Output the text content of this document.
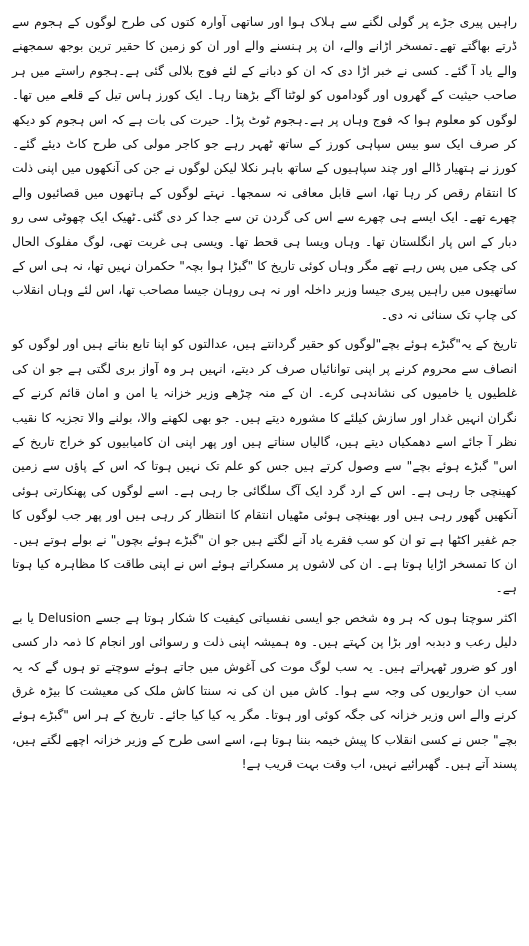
راہیں پیری جڑے پر گولی لگنے سے ہلاک ہوا اور ساتھی آوارہ کتوں کی طرح لوگوں کے ہجوم سے ڈرتے بھاگتے تھے۔تمسخر اڑانے والے، ان پر ہنسنے والے اور ان کو زمین کا حقیر ترین بوجھ سمجھنے والے یاد آ گئے۔ کسی نے خبر اڑا دی کہ ان کو دبانے کے لئے فوج بلالی گئی ہے۔ہجوم راستے میں ہر صاحب حیثیت کے گھروں اور گوداموں کو لوٹتا آگے بڑھتا رہا۔ ایک کورز ہاس تیل کے قلعے میں تھا۔لوگوں کو معلوم ہوا کہ فوج وہاں پر ہے۔ہجوم ٹوٹ پڑا۔ حیرت کی بات ہے کہ اس ہجوم کو دیکھ کر صرف ایک سو بیس سپاہی کورز کے ساتھ ٹھہر رہے جو کاجر مولی کی طرح کاٹ دیئے گئے۔ کورز نے ہتھیار ڈالے اور چند سپاہیوں کے ساتھ باہر نکلا لیکن لوگوں نے جن کی آنکھوں میں اپنی ذلت کا انتقام رقص کر رہا تھا، اسے قابل معافی نہ سمجھا۔ نہتے لوگوں کے ہاتھوں میں قصائیوں والے چھرے تھے۔ ایک ایسے ہی چھرے سے اس کی گردن تن سے جدا کر دی گئی۔ٹھیک ایک چھوٹی سی رو دبار کے اس پار انگلستان تھا۔ وہاں ویسا ہی قحط تھا۔ ویسی ہی غربت تھی، لوگ مفلوک الحال کی چکی میں پس رہے تھے مگر وہاں کوئی تاریخ کا "گبڑا ہوا بچہ" حکمران نہیں تھا، نہ ہی اس کے ساتھیوں میں راہیں پیری جیسا وزیر داخلہ اور نہ ہی روہان جیسا مصاحب تھا، اس لئے وہاں انقلاب کی چاپ تک سنائی نہ دی۔

تاریخ کے یہ"گبڑے ہوئے بچے"لوگوں کو حقیر گردانتے ہیں، عدالتوں کو اپنا تابع بناتے ہیں اور لوگوں کو انصاف سے محروم کرنے پر اپنی توانائیاں صرف کر دیتے، انہیں ہر وہ آواز بری لگتی ہے جو ان کی غلطیوں یا خامیوں کی نشاندہی کرے۔ ان کے منہ چڑھے وزیر خزانہ یا امن و امان قائم کرنے کے نگران انہیں غدار اور سازش کیلئے کا مشورہ دیتے ہیں۔ جو بھی لکھنے والا، بولنے والا تجزیہ کا نقیب نظر آ جائے اسے دھمکیاں دیتے ہیں، گالیاں سناتے ہیں اور پھر اپنی ان کامیابیوں کو خراج تاریخ کے اس" گبڑے ہوئے بچے" سے وصول کرتے ہیں جس کو علم تک نہیں ہوتا کہ اس کے پاؤں سے زمین کھینچی جا رہی ہے۔ اس کے ارد گرد ایک آگ سلگائی جا رہی ہے۔ اسے لوگوں کی پھنکارتی ہوئی آنکھیں گھور رہی ہیں اور بھینچی ہوئی مٹھیاں انتقام کا انتظار کر رہی ہیں اور پھر جب لوگوں کا جم غفیر اکٹھا ہے تو ان کو سب فقرے یاد آنے لگتے ہیں جو ان "گبڑے ہوئے بچوں" نے بولے ہوتے ہیں۔ ان کا تمسخر اڑایا ہوتا ہے۔ ان کی لاشوں پر مسکراتے ہوئے اس نے اپنی طاقت کا مظاہرہ کیا ہوتا ہے۔

اکثر سوچتا ہوں کہ ہر وہ شخص جو ایسی نفسیاتی کیفیت کا شکار ہوتا ہے جسے Delusion یا بے دلیل رعب و دبدبہ اور بڑا پن کہتے ہیں۔ وہ ہمیشہ اپنی ذلت و رسوائی اور انجام کا ذمہ دار کسی اور کو ضرور ٹھہراتے ہیں۔ یہ سب لوگ موت کی آغوش میں جاتے ہوئے سوچتے تو ہوں گے کہ یہ سب ان حواریوں کی وجہ سے ہوا۔ کاش میں ان کی نہ سنتا کاش ملک کی معیشت کا بیڑہ غرق کرنے والے اس وزیر خزانہ کی جگہ کوئی اور ہوتا۔ مگر یہ کیا کیا جائے۔ تاریخ کے ہر اس "گبڑے ہوئے بچے" جس نے کسی انقلاب کا پیش خیمہ بننا ہوتا ہے، اسے اسی طرح کے وزیر خزانہ اچھے لگتے ہیں، پسند آتے ہیں۔ گھبرائیے نہیں، اب وقت بہت قریب ہے!
